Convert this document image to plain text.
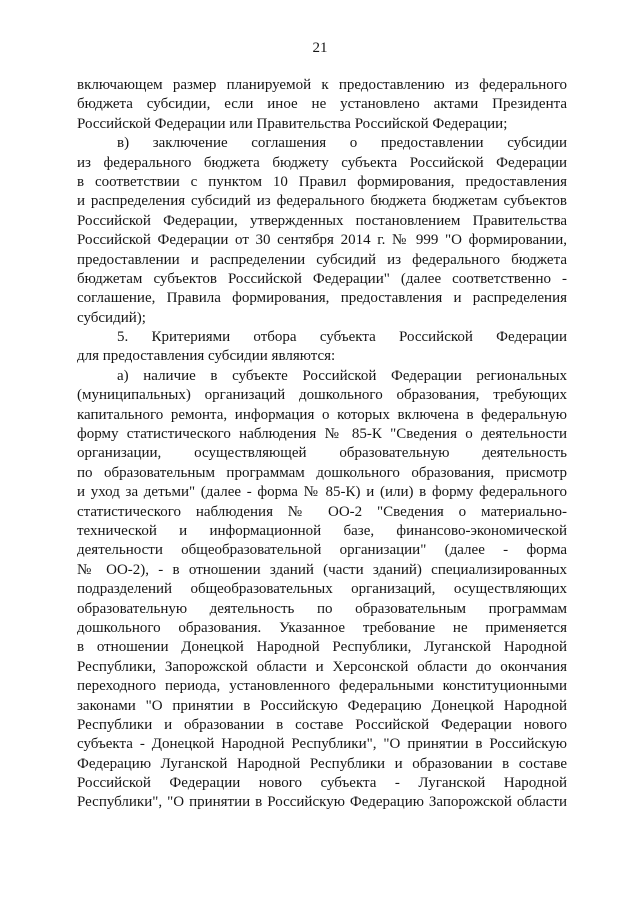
21
включающем размер планируемой к предоставлению из федерального
бюджета субсидии, если иное не установлено актами Президента
Российской Федерации или Правительства Российской Федерации;
в) заключение соглашения о предоставлении субсидии
из федерального бюджета бюджету субъекта Российской Федерации
в соответствии с пунктом 10 Правил формирования, предоставления
и распределения субсидий из федерального бюджета бюджетам субъектов
Российской Федерации, утвержденных постановлением Правительства
Российской Федерации от 30 сентября 2014 г. № 999 "О формировании,
предоставлении и распределении субсидий из федерального бюджета
бюджетам субъектов Российской Федерации" (далее соответственно -
соглашение, Правила формирования, предоставления и распределения
субсидий);
5. Критериями отбора субъекта Российской Федерации
для предоставления субсидии являются:
а) наличие в субъекте Российской Федерации региональных
(муниципальных) организаций дошкольного образования, требующих
капитального ремонта, информация о которых включена в федеральную
форму статистического наблюдения № 85-К "Сведения о деятельности
организации, осуществляющей образовательную деятельность
по образовательным программам дошкольного образования, присмотр
и уход за детьми" (далее - форма № 85-К) и (или) в форму федерального
статистического наблюдения № ОО-2 "Сведения о материально-
технической и информационной базе, финансово-экономической
деятельности общеобразовательной организации" (далее - форма
№ ОО-2), - в отношении зданий (части зданий) специализированных
подразделений общеобразовательных организаций, осуществляющих
образовательную деятельность по образовательным программам
дошкольного образования. Указанное требование не применяется
в отношении Донецкой Народной Республики, Луганской Народной
Республики, Запорожской области и Херсонской области до окончания
переходного периода, установленного федеральными конституционными
законами "О принятии в Российскую Федерацию Донецкой Народной
Республики и образовании в составе Российской Федерации нового
субъекта - Донецкой Народной Республики", "О принятии в Российскую
Федерацию Луганской Народной Республики и образовании в составе
Российской Федерации нового субъекта - Луганской Народной
Республики", "О принятии в Российскую Федерацию Запорожской области
